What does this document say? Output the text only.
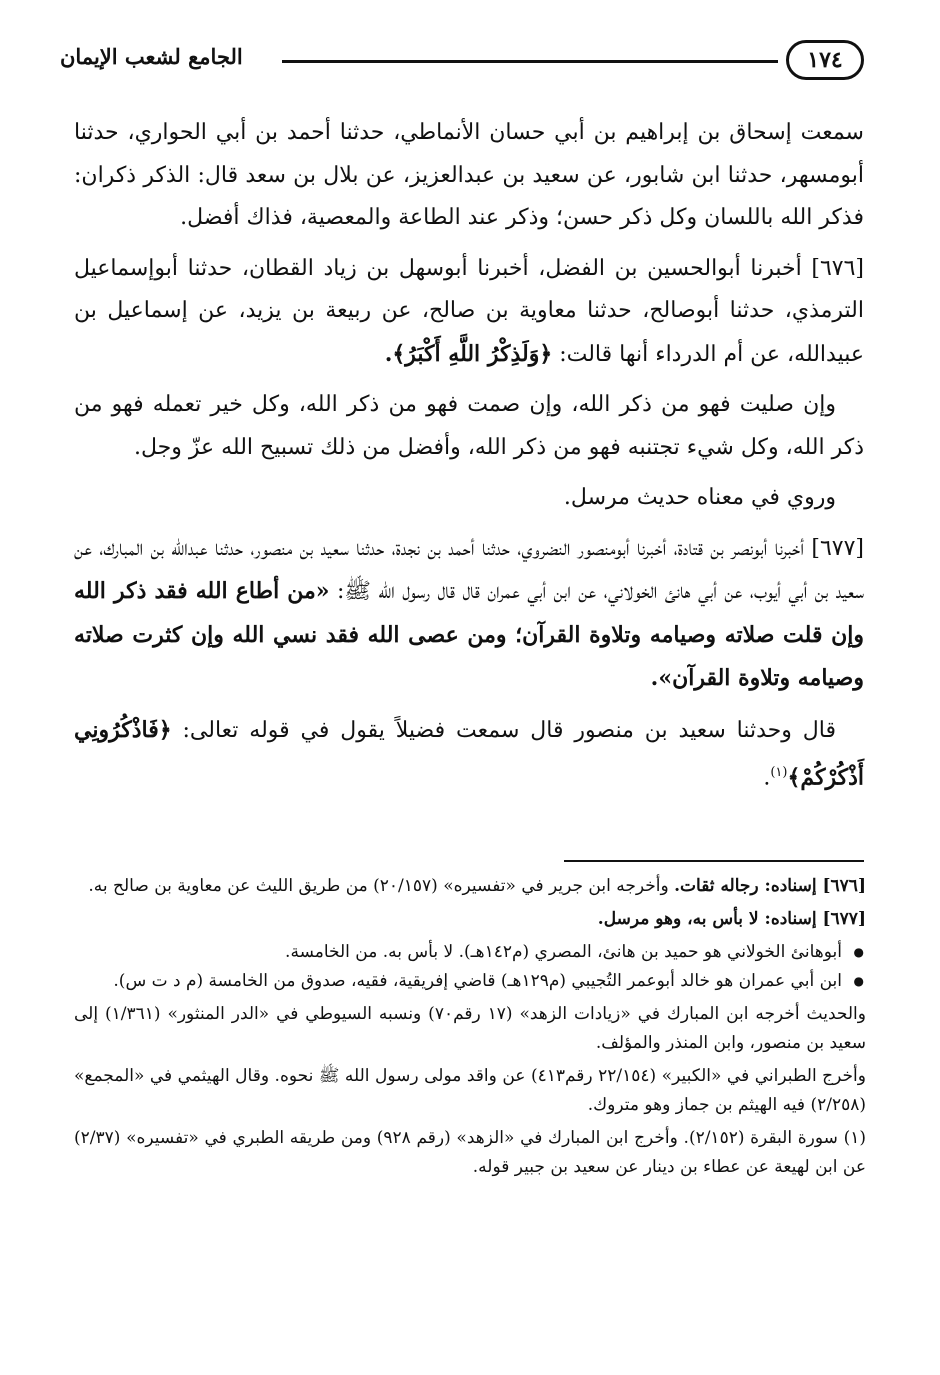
١٧٤
الجامع لشعب الإيمان

سمعت إسحاق بن إبراهيم بن أبي حسان الأنماطي، حدثنا أحمد بن أبي الحواري، حدثنا أبومسهر، حدثنا ابن شابور، عن سعيد بن عبدالعزيز، عن بلال بن سعد قال: الذكر ذكران: فذكر الله باللسان وكل ذكر حسن؛ وذكر عند الطاعة والمعصية، فذاك أفضل.

[٦٧٦] أخبرنا أبوالحسين بن الفضل، أخبرنا أبوسهل بن زياد القطان، حدثنا أبوإسماعيل الترمذي، حدثنا أبوصالح، حدثنا معاوية بن صالح، عن ربيعة بن يزيد، عن إسماعيل بن عبيدالله، عن أم الدرداء أنها قالت: ﴿وَلَذِكْرُ اللَّهِ أَكْبَرُ﴾.

وإن صليت فهو من ذكر الله، وإن صمت فهو من ذكر الله، وكل خير تعمله فهو من ذكر الله، وكل شيء تجتنبه فهو من ذكر الله، وأفضل من ذلك تسبيح الله عزّ وجل.

وروي في معناه حديث مرسل.

[٦٧٧] أخبرنا أبونصر بن قتادة، أخبرنا أبومنصور النضروي، حدثنا أحمد بن نجدة، حدثنا سعيد بن منصور، حدثنا عبدالله بن المبارك، عن سعيد بن أبي أيوب، عن أبي هانئ الخولاني، عن ابن أبي عمران قال قال رسول الله ﷺ: «من أطاع الله فقد ذكر الله وإن قلت صلاته وصيامه وتلاوة القرآن؛ ومن عصى الله فقد نسي الله وإن كثرت صلاته وصيامه وتلاوة القرآن».

قال وحدثنا سعيد بن منصور قال سمعت فضيلاً يقول في قوله تعالى: ﴿فَاذْكُرُونِي أَذْكُرْكُمْ﴾$^{(١)}$.

[٦٧٦] إسناده: رجاله ثقات. وأخرجه ابن جرير في «تفسيره» (٢٠/١٥٧) من طريق الليث عن معاوية بن صالح به.

[٦٧٧] إسناده: لا بأس به، وهو مرسل.

● أبوهانئ الخولاني هو حميد بن هانئ، المصري (م١٤٢هـ). لا بأس به. من الخامسة.
● ابن أبي عمران هو خالد أبوعمر التُجيبي (م١٢٩هـ) قاضي إفريقية، فقيه، صدوق من الخامسة (م د ت س).

والحديث أخرجه ابن المبارك في «زيادات الزهد» (١٧ رقم٧٠) ونسبه السيوطي في «الدر المنثور» (١/٣٦١) إلى سعيد بن منصور، وابن المنذر والمؤلف.

وأخرج الطبراني في «الكبير» (٢٢/١٥٤ رقم٤١٣) عن واقد مولى رسول الله ﷺ نحوه. وقال الهيثمي في «المجمع» (٢/٢٥٨) فيه الهيثم بن جماز وهو متروك.

(١) سورة البقرة (٢/١٥٢). وأخرج ابن المبارك في «الزهد» (رقم ٩٢٨) ومن طريقه الطبري في «تفسيره» (٢/٣٧) عن ابن لهيعة عن عطاء بن دينار عن سعيد بن جبير قوله.
